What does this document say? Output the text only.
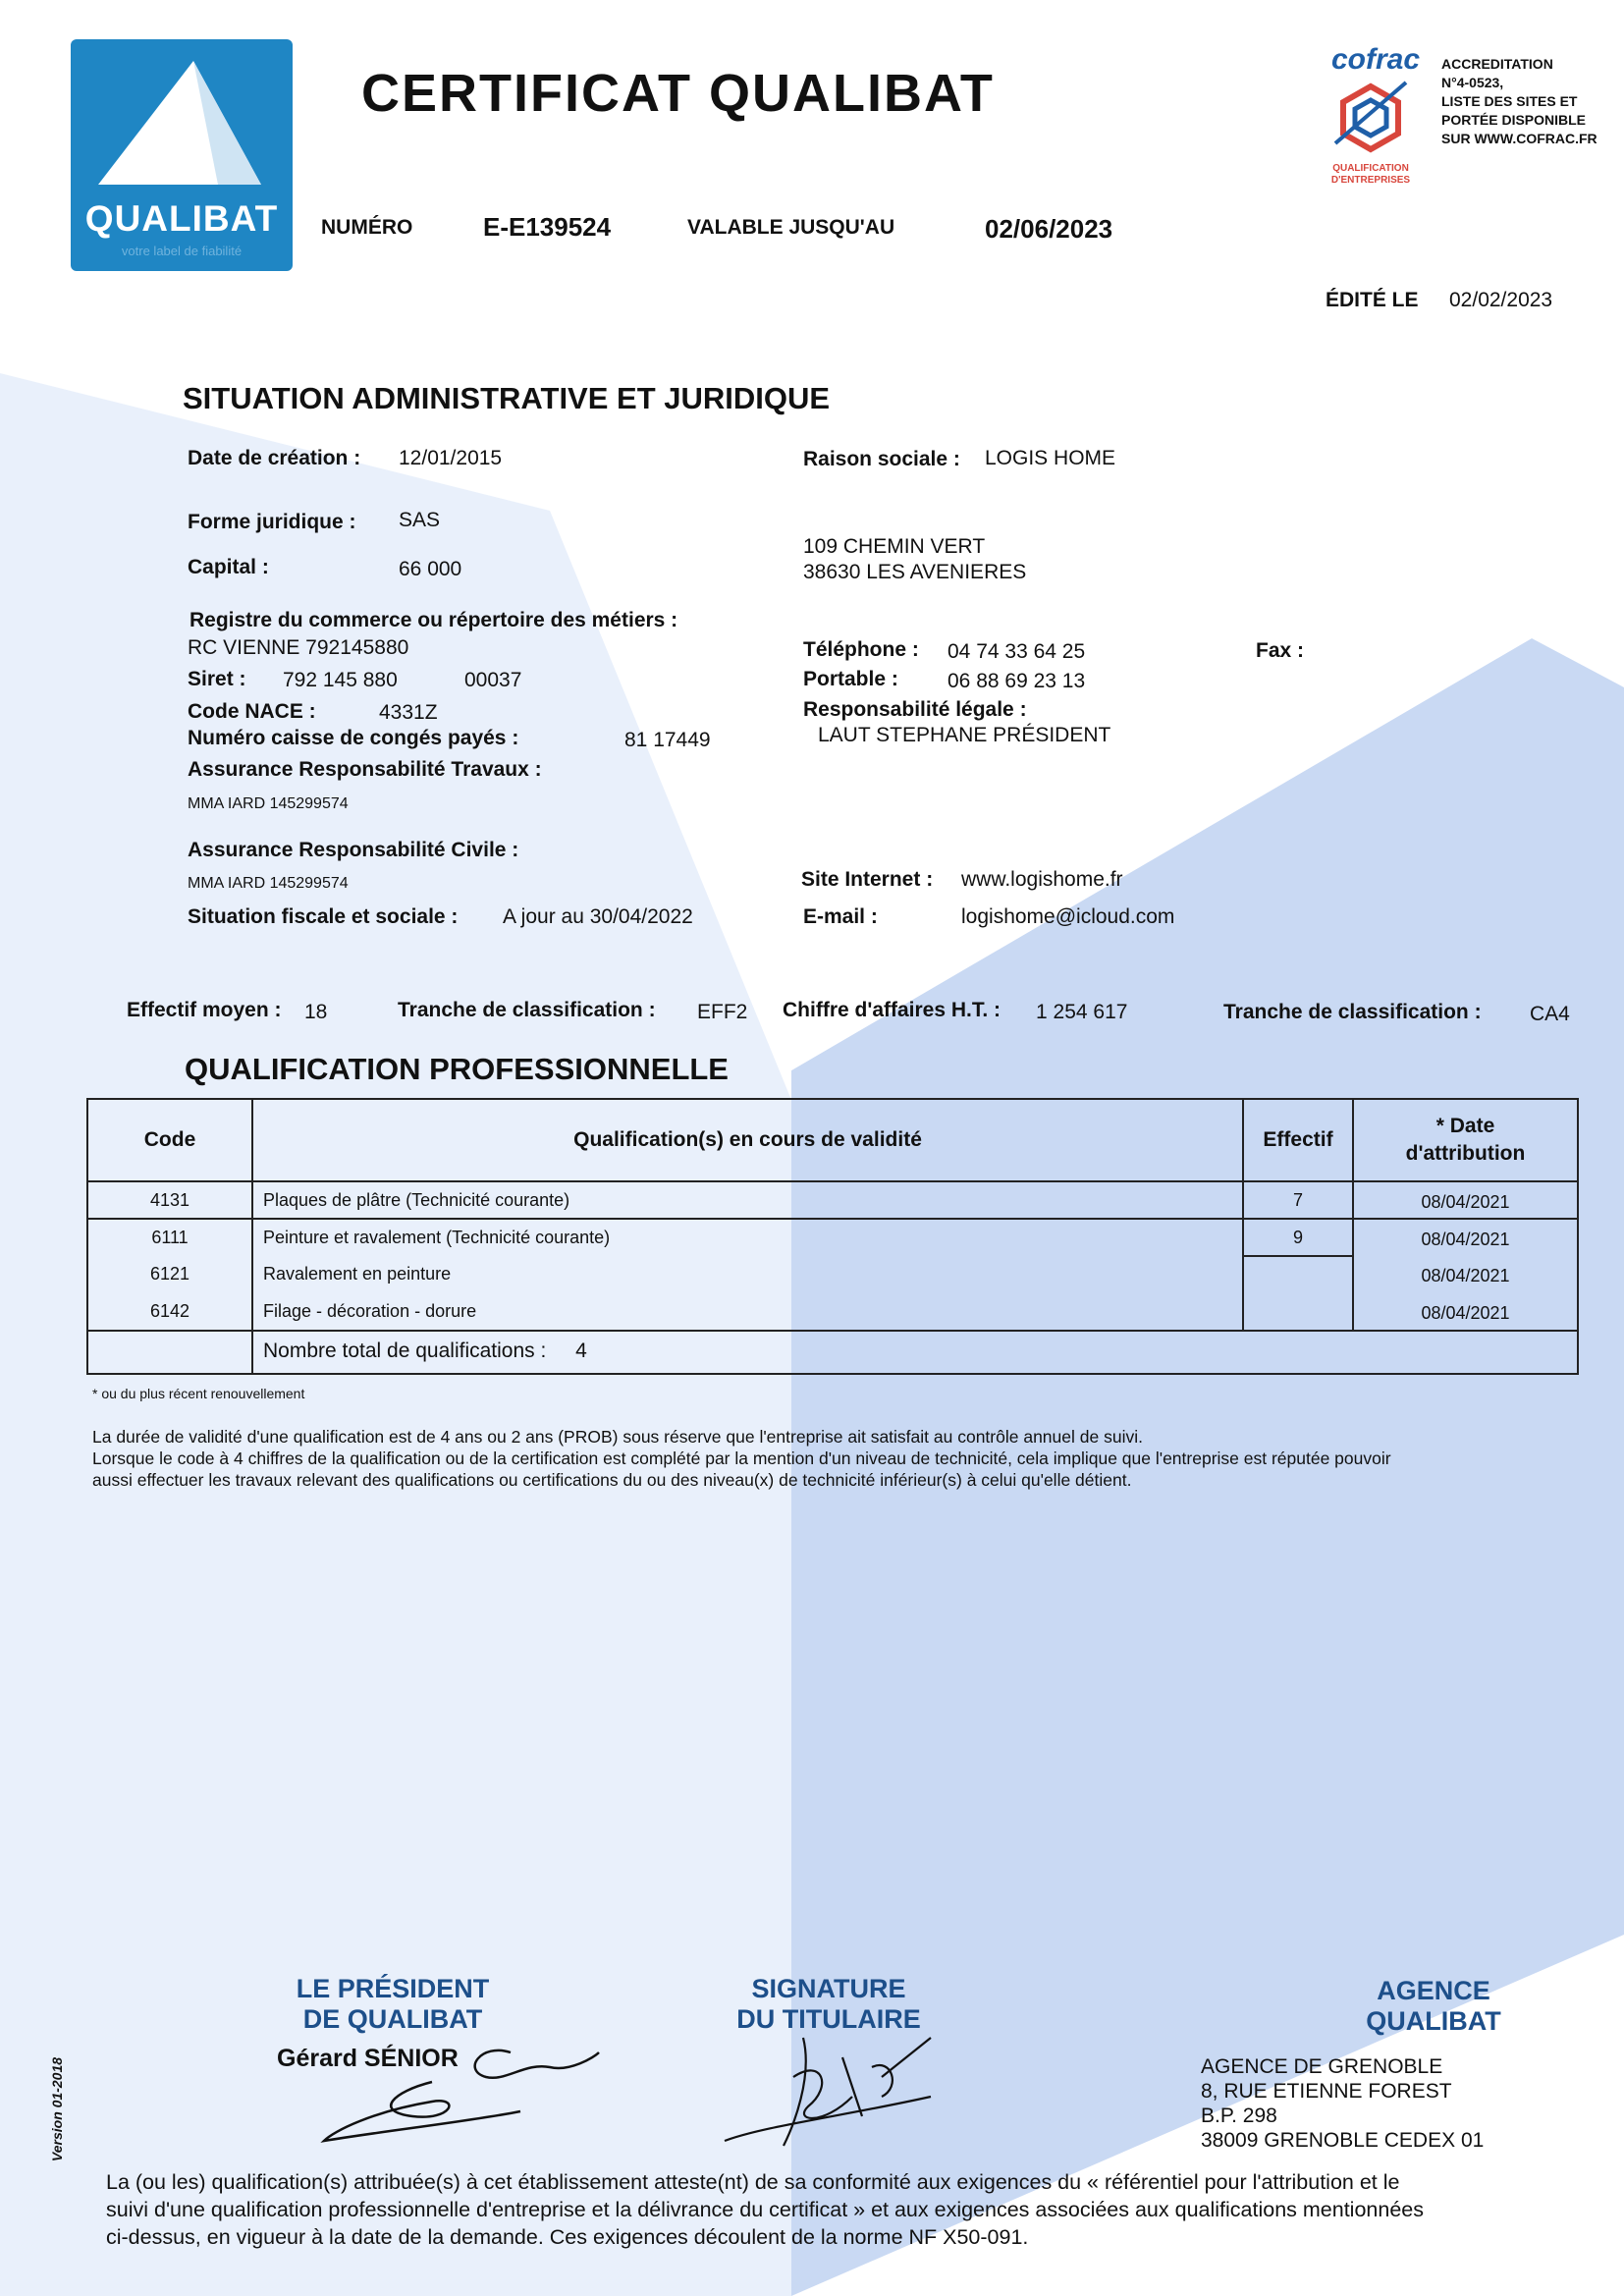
QUALIBAT
votre label de fiabilité
CERTIFICAT QUALIBAT
NUMÉRO	E-E139524	VALABLE JUSQU'AU	02/06/2023
cofrac
QUALIFICATION D'ENTREPRISES
ACCREDITATION
N°4-0523,
LISTE DES SITES ET
PORTÉE DISPONIBLE
SUR WWW.COFRAC.FR
ÉDITÉ LE 02/02/2023
SITUATION ADMINISTRATIVE ET JURIDIQUE
Date de création : 12/01/2015
Forme juridique : SAS
Capital :	66 000
Registre du commerce ou répertoire des métiers :
RC VIENNE 792145880
Siret : 792 145 880	00037
Code NACE :	4331Z
Numéro caisse de congés payés :	81 17449
Assurance Responsabilité Travaux :
MMA IARD 145299574
Assurance Responsabilité Civile :
MMA IARD 145299574
Situation fiscale et sociale : A jour au 30/04/2022
Raison sociale : LOGIS HOME
109 CHEMIN VERT
38630 LES AVENIERES
Téléphone : 04 74 33 64 25	Fax :
Portable : 06 88 69 23 13
Responsabilité légale :
LAUT STEPHANE PRÉSIDENT
Site Internet : www.logishome.fr
E-mail :	logishome@icloud.com
Effectif moyen : 18	Tranche de classification : EFF2 Chiffre d'affaires H.T. : 1 254 617	Tranche de classification : CA4
QUALIFICATION PROFESSIONNELLE
Code	Qualification(s) en cours de validité	Effectif	* Date
d'attribution

4131	Plaques de plâtre (Technicité courante)	7	08/04/2021
6111	Peinture et ravalement (Technicité courante)	9	08/04/2021
6121	Ravalement en peinture		08/04/2021
6142	Filage - décoration - dorure		08/04/2021
	Nombre total de qualifications : 4		
* ou du plus récent renouvellement
La durée de validité d'une qualification est de 4 ans ou 2 ans (PROB) sous réserve que l'entreprise ait satisfait au contrôle annuel de suivi.
Lorsque le code à 4 chiffres de la qualification ou de la certification est complété par la mention d'un niveau de technicité, cela implique que l'entreprise est réputée pouvoir
aussi effectuer les travaux relevant des qualifications ou certifications du ou des niveau(x) de technicité inférieur(s) à celui qu'elle détient.
LE PRÉSIDENT
DE QUALIBAT
Gérard SÉNIOR
SIGNATURE
DU TITULAIRE
AGENCE
QUALIBAT
AGENCE DE GRENOBLE
8, RUE ETIENNE FOREST
B.P. 298
38009 GRENOBLE CEDEX 01
Version 01-2018
La (ou les) qualification(s) attribuée(s) à cet établissement atteste(nt) de sa conformité aux exigences du « référentiel pour l'attribution et le
suivi d'une qualification professionnelle d'entreprise et la délivrance du certificat » et aux exigences associées aux qualifications mentionnées
ci-dessus, en vigueur à la date de la demande. Ces exigences découlent de la norme NF X50-091.
